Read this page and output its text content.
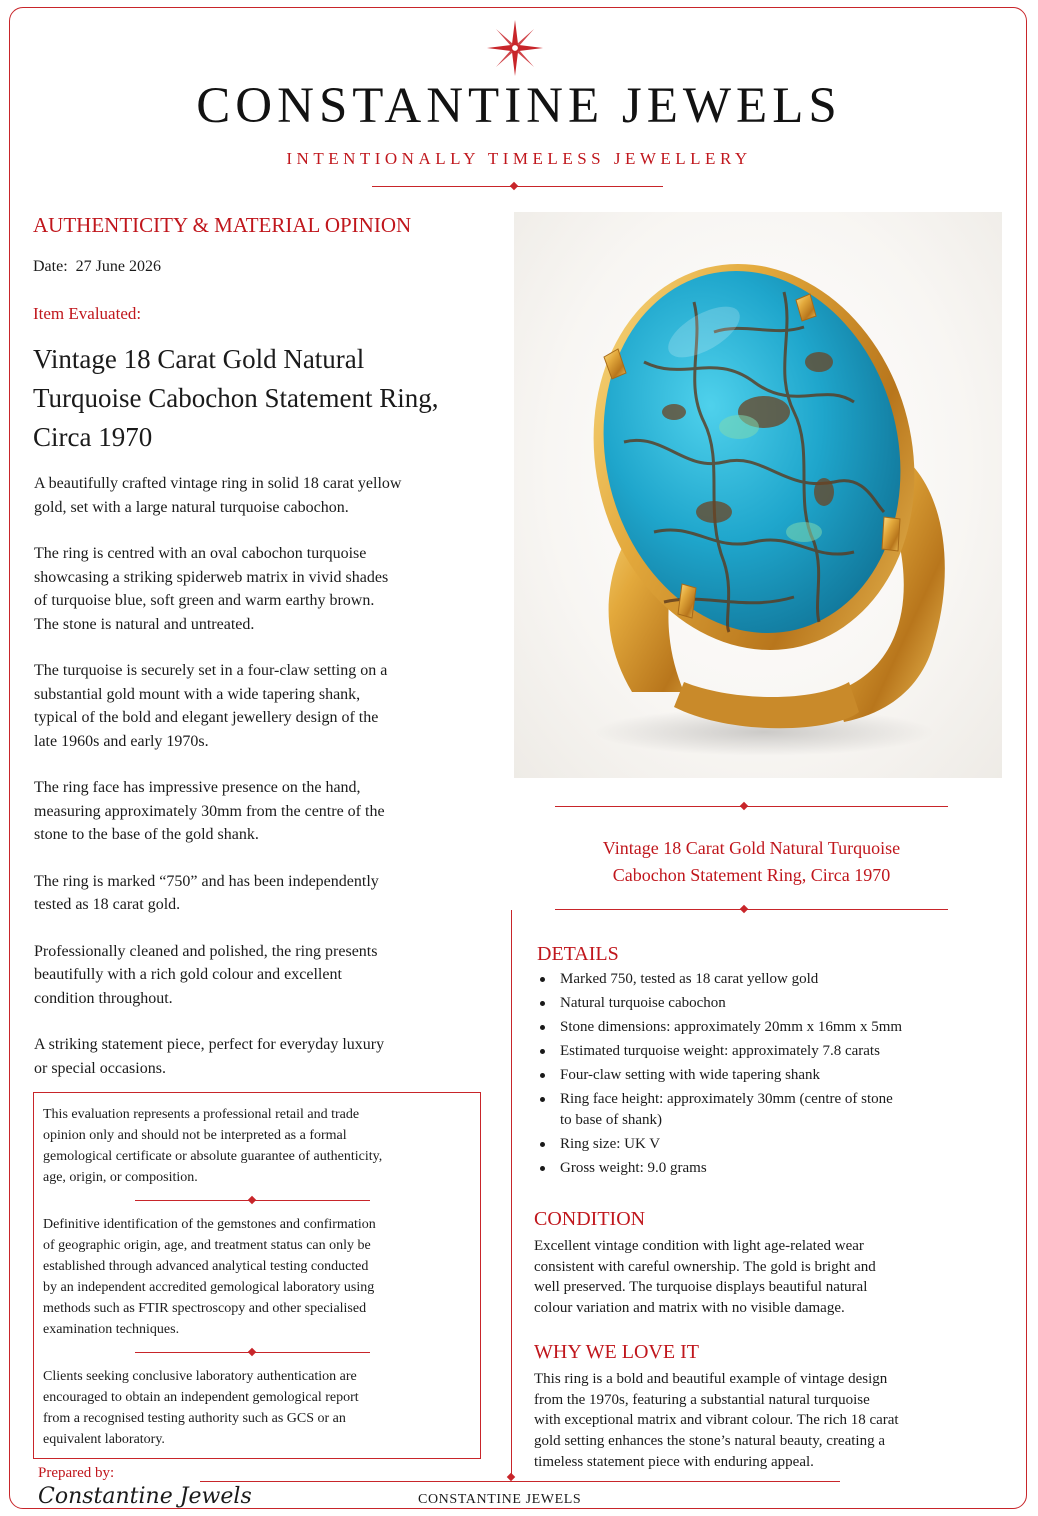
CONSTANTINE JEWELS
INTENTIONALLY TIMELESS JEWELLERY
AUTHENTICITY & MATERIAL OPINION
Date: 27 June 2026
Item Evaluated:
Vintage 18 Carat Gold Natural
Turquoise Cabochon Statement Ring,
Circa 1970

A beautifully crafted vintage ring in solid 18 carat yellow
gold, set with a large natural turquoise cabochon.

The ring is centred with an oval cabochon turquoise
showcasing a striking spiderweb matrix in vivid shades
of turquoise blue, soft green and warm earthy brown.
The stone is natural and untreated.

The turquoise is securely set in a four-claw setting on a
substantial gold mount with a wide tapering shank,
typical of the bold and elegant jewellery design of the
late 1960s and early 1970s.

The ring face has impressive presence on the hand,
measuring approximately 30mm from the centre of the
stone to the base of the gold shank.

The ring is marked “750” and has been independently
tested as 18 carat gold.

Professionally cleaned and polished, the ring presents
beautifully with a rich gold colour and excellent
condition throughout.

A striking statement piece, perfect for everyday luxury
or special occasions.

This evaluation represents a professional retail and trade
opinion only and should not be interpreted as a formal
gemological certificate or absolute guarantee of authenticity,
age, origin, or composition.
Definitive identification of the gemstones and confirmation
of geographic origin, age, and treatment status can only be
established through advanced analytical testing conducted
by an independent accredited gemological laboratory using
methods such as FTIR spectroscopy and other specialised
examination techniques.
Clients seeking conclusive laboratory authentication are
encouraged to obtain an independent gemological report
from a recognised testing authority such as GCS or an
equivalent laboratory.
Vintage 18 Carat Gold Natural Turquoise
Cabochon Statement Ring, Circa 1970
DETAILS
Marked 750, tested as 18 carat yellow gold
Natural turquoise cabochon
Stone dimensions: approximately 20mm x 16mm x 5mm
Estimated turquoise weight: approximately 7.8 carats
Four-claw setting with wide tapering shank
Ring face height: approximately 30mm (centre of stone
to base of shank)
Ring size: UK V
Gross weight: 9.0 grams
CONDITION
Excellent vintage condition with light age-related wear
consistent with careful ownership. The gold is bright and
well preserved. The turquoise displays beautiful natural
colour variation and matrix with no visible damage.
WHY WE LOVE IT
This ring is a bold and beautiful example of vintage design
from the 1970s, featuring a substantial natural turquoise
with exceptional matrix and vibrant colour. The rich 18 carat
gold setting enhances the stone’s natural beauty, creating a
timeless statement piece with enduring appeal.
Prepared by:
Constantine Jewels	CONSTANTINE JEWELS
